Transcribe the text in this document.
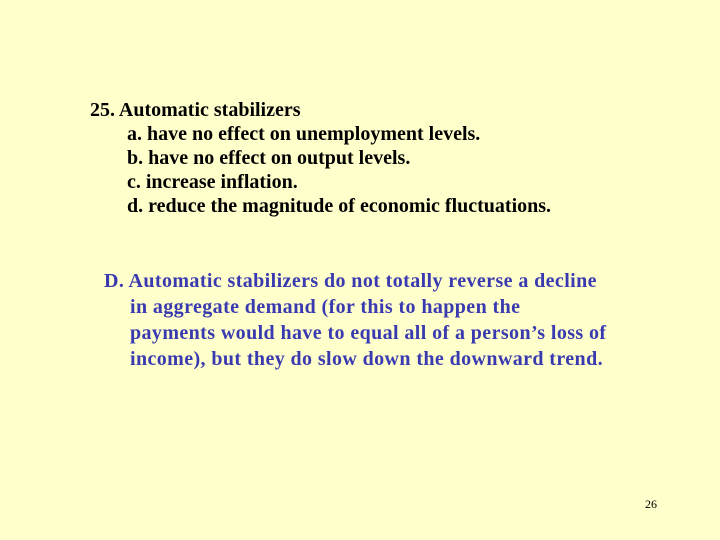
25. Automatic stabilizers
a. have no effect on unemployment levels.
b. have no effect on output levels.
c. increase inflation.
d. reduce the magnitude of economic fluctuations.
D. Automatic stabilizers do not totally reverse a decline in aggregate demand (for this to happen the payments would have to equal all of a person’s loss of income), but they do slow down the downward trend.
26
